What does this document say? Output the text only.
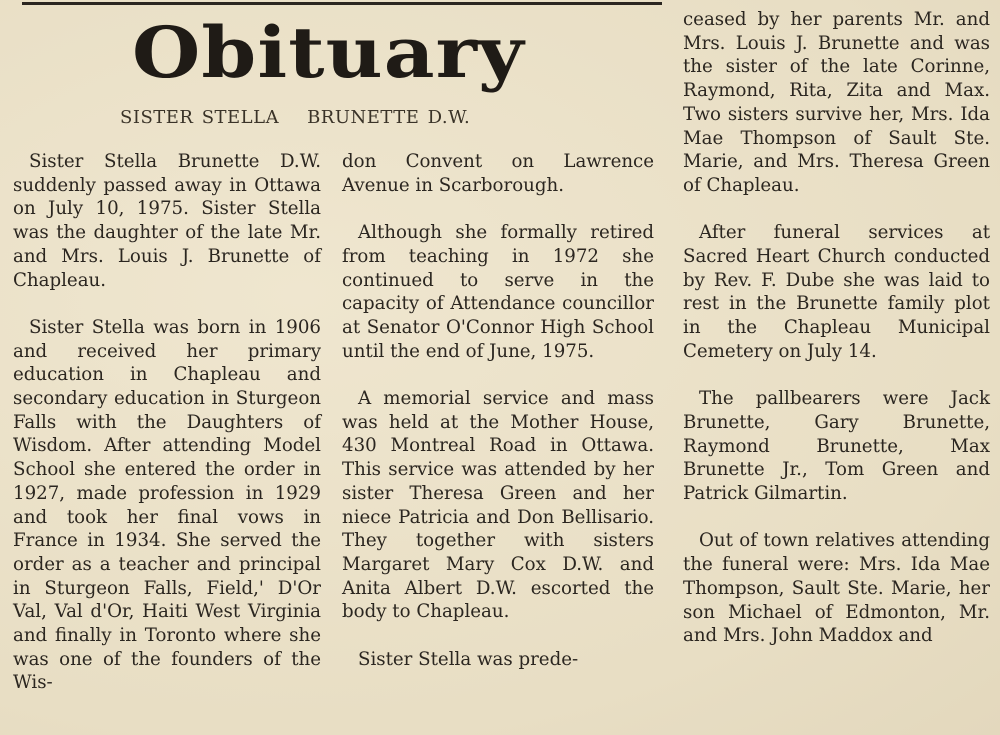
Obituary
SISTER STELLA BRUNETTE D.W.

Sister Stella Brunette D.W. suddenly passed away in Ottawa on July 10, 1975. Sister Stella was the daughter of the late Mr. and Mrs. Louis J. Brunette of Chapleau.

Sister Stella was born in 1906 and received her primary education in Chapleau and secondary education in Sturgeon Falls with the Daughters of Wisdom. After attending Model School she entered the order in 1927, made profession in 1929 and took her final vows in France in 1934. She served the order as a teacher and principal in Sturgeon Falls, Field,' D'Or Val, Val d'Or, Haiti West Virginia and finally in Toronto where she was one of the founders of the Wis-

don Convent on Lawrence Avenue in Scarborough.

Although she formally retired from teaching in 1972 she continued to serve in the capacity of Attendance councillor at Senator O'Connor High School until the end of June, 1975.

A memorial service and mass was held at the Mother House, 430 Montreal Road in Ottawa. This service was attended by her sister Theresa Green and her niece Patricia and Don Bellisario. They together with sisters Margaret Mary Cox D.W. and Anita Albert D.W. escorted the body to Chapleau.

Sister Stella was prede-

ceased by her parents Mr. and Mrs. Louis J. Brunette and was the sister of the late Corinne, Raymond, Rita, Zita and Max. Two sisters survive her, Mrs. Ida Mae Thompson of Sault Ste. Marie, and Mrs. Theresa Green of Chapleau.

After funeral services at Sacred Heart Church conducted by Rev. F. Dube she was laid to rest in the Brunette family plot in the Chapleau Municipal Cemetery on July 14.

The pallbearers were Jack Brunette, Gary Brunette, Raymond Brunette, Max Brunette Jr., Tom Green and Patrick Gilmartin.

Out of town relatives attending the funeral were: Mrs. Ida Mae Thompson, Sault Ste. Marie, her son Michael of Edmonton, Mr. and Mrs. John Maddox and
